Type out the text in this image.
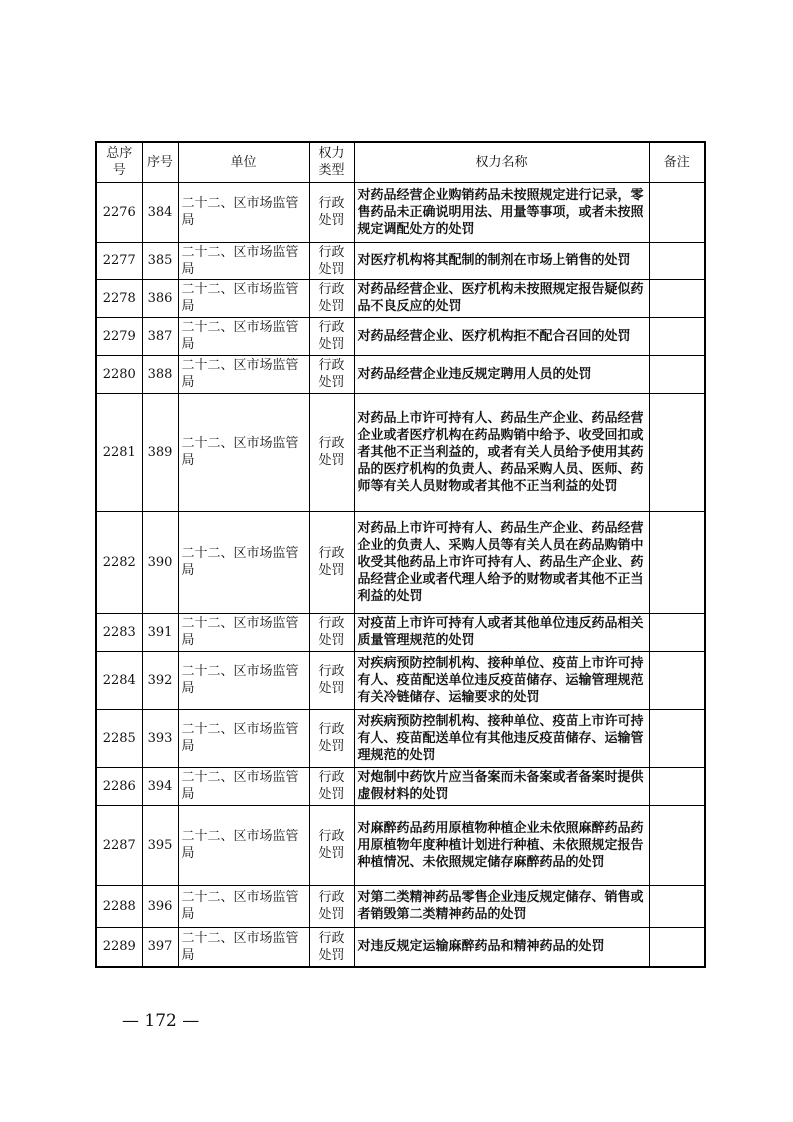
总序号	序号	单位	权力类型	权力名称	备注
2276	384	二十二、区市场监管局	行政处罚	对药品经营企业购销药品未按照规定进行记录，零售药品未正确说明用法、用量等事项，或者未按照规定调配处方的处罚	
2277	385	二十二、区市场监管局	行政处罚	对医疗机构将其配制的制剂在市场上销售的处罚	
2278	386	二十二、区市场监管局	行政处罚	对药品经营企业、医疗机构未按照规定报告疑似药品不良反应的处罚	
2279	387	二十二、区市场监管局	行政处罚	对药品经营企业、医疗机构拒不配合召回的处罚	
2280	388	二十二、区市场监管局	行政处罚	对药品经营企业违反规定聘用人员的处罚	
2281	389	二十二、区市场监管局	行政处罚	对药品上市许可持有人、药品生产企业、药品经营企业或者医疗机构在药品购销中给予、收受回扣或者其他不正当利益的，或者有关人员给予使用其药品的医疗机构的负责人、药品采购人员、医师、药师等有关人员财物或者其他不正当利益的处罚	
2282	390	二十二、区市场监管局	行政处罚	对药品上市许可持有人、药品生产企业、药品经营企业的负责人、采购人员等有关人员在药品购销中收受其他药品上市许可持有人、药品生产企业、药品经营企业或者代理人给予的财物或者其他不正当利益的处罚	
2283	391	二十二、区市场监管局	行政处罚	对疫苗上市许可持有人或者其他单位违反药品相关质量管理规范的处罚	
2284	392	二十二、区市场监管局	行政处罚	对疾病预防控制机构、接种单位、疫苗上市许可持有人、疫苗配送单位违反疫苗储存、运输管理规范有关冷链储存、运输要求的处罚	
2285	393	二十二、区市场监管局	行政处罚	对疾病预防控制机构、接种单位、疫苗上市许可持有人、疫苗配送单位有其他违反疫苗储存、运输管理规范的处罚	
2286	394	二十二、区市场监管局	行政处罚	对炮制中药饮片应当备案而未备案或者备案时提供虚假材料的处罚	
2287	395	二十二、区市场监管局	行政处罚	对麻醉药品药用原植物种植企业未依照麻醉药品药用原植物年度种植计划进行种植、未依照规定报告种植情况、未依照规定储存麻醉药品的处罚	
2288	396	二十二、区市场监管局	行政处罚	对第二类精神药品零售企业违反规定储存、销售或者销毁第二类精神药品的处罚	
2289	397	二十二、区市场监管局	行政处罚	对违反规定运输麻醉药品和精神药品的处罚	
— 172 —
